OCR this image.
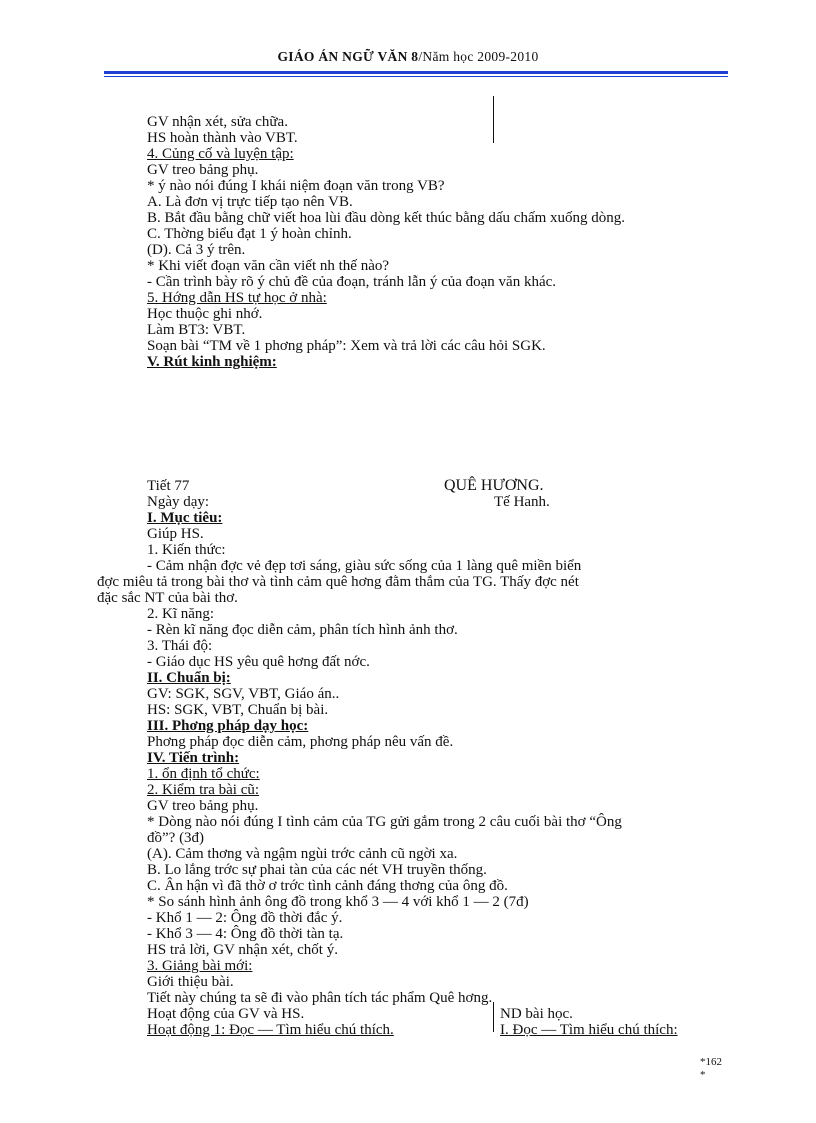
GIÁO ÁN NGỮ VĂN 8/Năm học 2009-2010
GV nhận xét, sửa chữa.
HS hoàn thành vào VBT.
4. Củng cố và luyện tập:
GV treo bảng phụ.
* ý nào nói đúng I khái niệm đoạn văn trong VB?
A. Là đơn vị trực tiếp tạo nên VB.
B. Bắt đầu bằng chữ viết hoa lùi đầu dòng kết thúc bằng dấu chấm xuống dòng.
C. Thờng biểu đạt 1 ý hoàn chỉnh.
(D). Cả 3 ý trên.
* Khi viết đoạn văn cần viết nh thế nào?
- Cần trình bày rõ ý chủ đề của đoạn, tránh lẫn ý của đoạn văn khác.
5. Hớng dẫn HS tự học ở nhà:
Học thuộc ghi nhớ.
Làm BT3: VBT.
Soạn bài “TM về 1 phơng pháp”: Xem và trả lời các câu hỏi SGK.
V. Rút kinh nghiệm:
Tiết 77	QUÊ HƯƠNG.
Ngày dạy:	Tế Hanh.
I. Mục tiêu:
Giúp HS.
1. Kiến thức:
- Cảm nhận đợc vẻ đẹp tơi sáng, giàu sức sống của 1 làng quê miền biển
đợc miêu tả trong bài thơ và tình cảm quê hơng đằm thắm của TG. Thấy đợc nét
đặc sắc NT của bài thơ.
2. Kĩ năng:
- Rèn kĩ năng đọc diễn cảm, phân tích hình ảnh thơ.
3. Thái độ:
- Giáo dục HS yêu quê hơng đất nớc.
II. Chuẩn bị:
GV: SGK, SGV, VBT, Giáo án..
HS: SGK, VBT, Chuẩn bị bài.
III. Phơng pháp dạy học:
Phơng pháp đọc diễn cảm, phơng pháp nêu vấn đề.
IV. Tiến trình:
1. ổn định tổ chức:
2. Kiểm tra bài cũ:
GV treo bảng phụ.
* Dòng nào nói đúng I tình cảm của TG gửi gắm trong 2 câu cuối bài thơ “Ông
đồ”? (3đ)
(A). Cảm thơng và ngậm ngùi trớc cảnh cũ ngời xa.
B. Lo lắng trớc sự phai tàn của các nét VH truyền thống.
C. Ân hận vì đã thờ ơ trớc tình cảnh đáng thơng của ông đồ.
* So sánh hình ảnh ông đồ trong khổ 3 — 4 với khổ 1 — 2 (7đ)
- Khổ 1 — 2: Ông đồ thời đắc ý.
- Khổ 3 — 4: Ông đồ thời tàn tạ.
HS trả lời, GV nhận xét, chốt ý.
3. Giảng bài mới:
Giới thiệu bài.
Tiết này chúng ta sẽ đi vào phân tích tác phẩm Quê hơng.
Hoạt động của GV và HS.	ND bài học.
Hoạt động 1: Đọc — Tìm hiểu chú thích.	I. Đọc — Tìm hiểu chú thích:
*162
*
